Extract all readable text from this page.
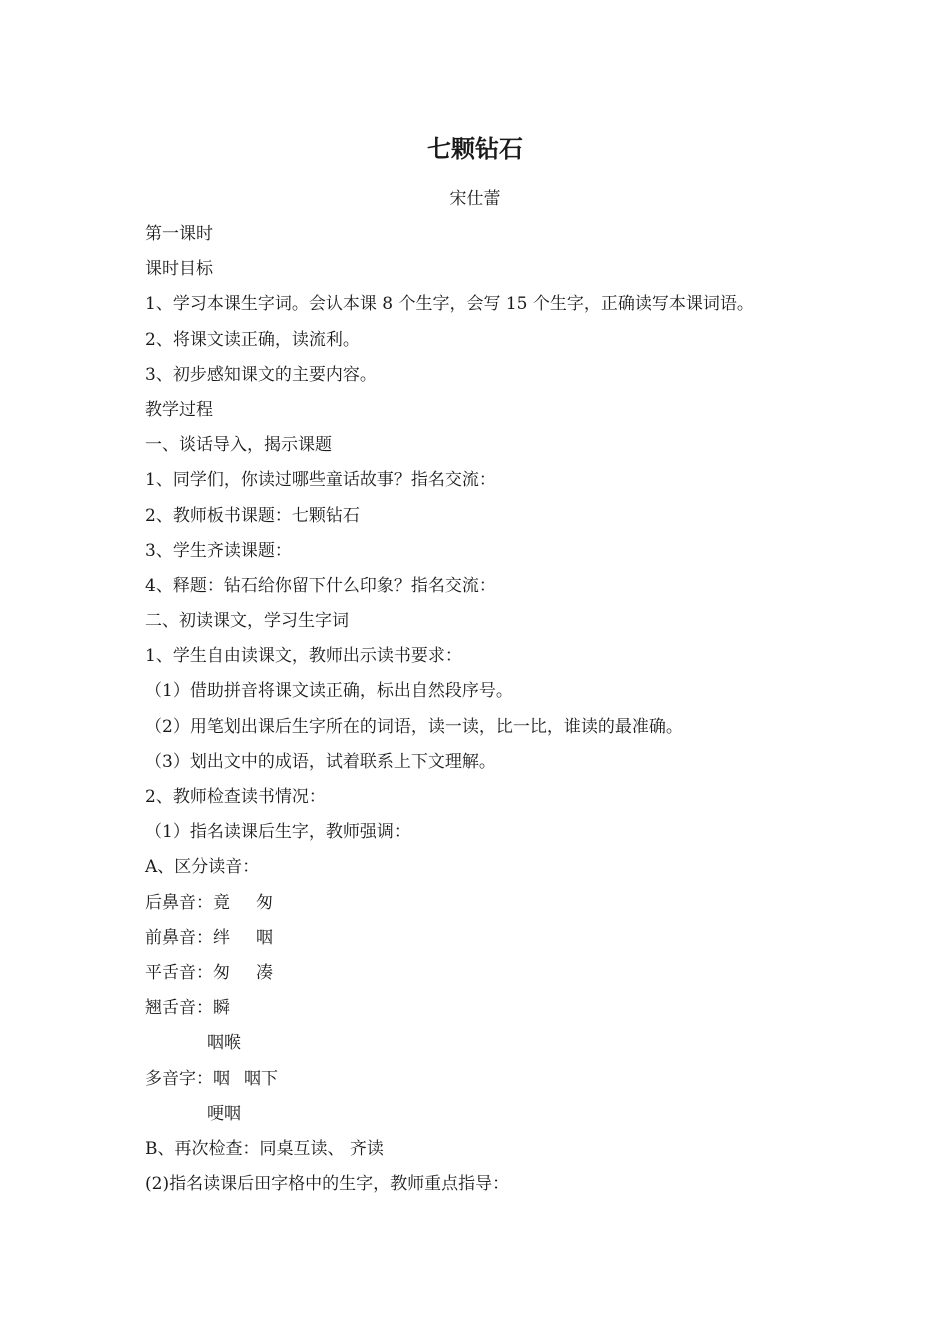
七颗钻石
宋仕蕾
第一课时
课时目标
1、学习本课生字词。会认本课 8 个生字，会写 15 个生字，正确读写本课词语。
2、将课文读正确，读流利。
3、初步感知课文的主要内容。
教学过程
一、谈话导入，揭示课题
1、同学们，你读过哪些童话故事？指名交流：
2、教师板书课题：七颗钻石
3、学生齐读课题：
4、释题：钻石给你留下什么印象？指名交流：
二、初读课文，学习生字词
1、学生自由读课文，教师出示读书要求：
（1）借助拼音将课文读正确，标出自然段序号。
（2）用笔划出课后生字所在的词语，读一读，比一比，谁读的最准确。
（3）划出文中的成语，试着联系上下文理解。
2、教师检查读书情况：
（1）指名读课后生字，教师强调：
A、区分读音：
后鼻音：竟 匆
前鼻音：绊 咽
平舌音：匆 凑
翘舌音：瞬
咽喉
多音字：咽 咽下
哽咽
B、再次检查：同桌互读、 齐读
(2)指名读课后田字格中的生字，教师重点指导：
